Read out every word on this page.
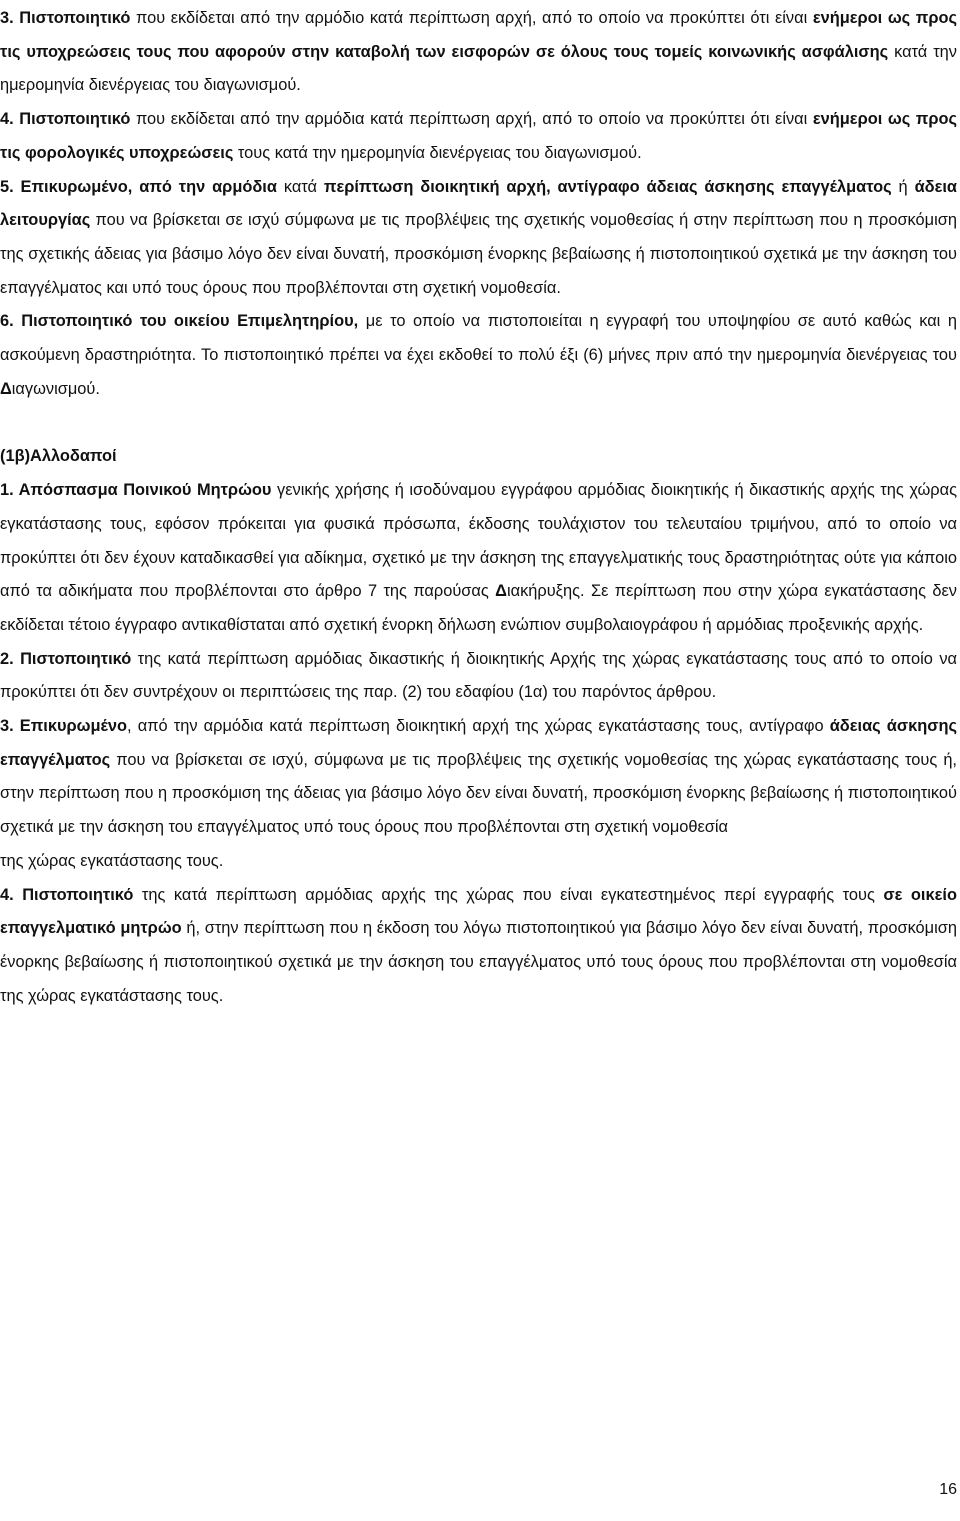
3. Πιστοποιητικό που εκδίδεται από την αρμόδιο κατά περίπτωση αρχή, από το οποίο να προκύπτει ότι είναι ενήμεροι ως προς τις υποχρεώσεις τους που αφορούν στην καταβολή των εισφορών σε όλους τους τομείς κοινωνικής ασφάλισης κατά την ημερομηνία διενέργειας του διαγωνισμού.

4. Πιστοποιητικό που εκδίδεται από την αρμόδια κατά περίπτωση αρχή, από το οποίο να προκύπτει ότι είναι ενήμεροι ως προς τις φορολογικές υποχρεώσεις τους κατά την ημερομηνία διενέργειας του διαγωνισμού.

5. Επικυρωμένο, από την αρμόδια κατά περίπτωση διοικητική αρχή, αντίγραφο άδειας άσκησης επαγγέλματος ή άδεια λειτουργίας που να βρίσκεται σε ισχύ σύμφωνα με τις προβλέψεις της σχετικής νομοθεσίας ή στην περίπτωση που η προσκόμιση της σχετικής άδειας για βάσιμο λόγο δεν είναι δυνατή, προσκόμιση ένορκης βεβαίωσης ή πιστοποιητικού σχετικά με την άσκηση του επαγγέλματος και υπό τους όρους που προβλέπονται στη σχετική νομοθεσία.

6. Πιστοποιητικό του οικείου Επιμελητηρίου, με το οποίο να πιστοποιείται η εγγραφή του υποψηφίου σε αυτό καθώς και η ασκούμενη δραστηριότητα. Το πιστοποιητικό πρέπει να έχει εκδοθεί το πολύ έξι (6) μήνες πριν από την ημερομηνία διενέργειας του Διαγωνισμού.

(1β)Αλλοδαποί

1. Απόσπασμα Ποινικού Μητρώου γενικής χρήσης ή ισοδύναμου εγγράφου αρμόδιας διοικητικής ή δικαστικής αρχής της χώρας εγκατάστασης τους, εφόσον πρόκειται για φυσικά πρόσωπα, έκδοσης τουλάχιστον του τελευταίου τριμήνου, από το οποίο να προκύπτει ότι δεν έχουν καταδικασθεί για αδίκημα, σχετικό με την άσκηση της επαγγελματικής τους δραστηριότητας ούτε για κάποιο από τα αδικήματα που προβλέπονται στο άρθρο 7 της παρούσας Διακήρυξης. Σε περίπτωση που στην χώρα εγκατάστασης δεν εκδίδεται τέτοιο έγγραφο αντικαθίσταται από σχετική ένορκη δήλωση ενώπιον συμβολαιογράφου ή αρμόδιας προξενικής αρχής.

2. Πιστοποιητικό της κατά περίπτωση αρμόδιας δικαστικής ή διοικητικής Αρχής της χώρας εγκατάστασης τους από το οποίο να προκύπτει ότι δεν συντρέχουν οι περιπτώσεις της παρ. (2) του εδαφίου (1α) του παρόντος άρθρου.

3. Επικυρωμένο, από την αρμόδια κατά περίπτωση διοικητική αρχή της χώρας εγκατάστασης τους, αντίγραφο άδειας άσκησης επαγγέλματος που να βρίσκεται σε ισχύ, σύμφωνα με τις προβλέψεις της σχετικής νομοθεσίας της χώρας εγκατάστασης τους ή, στην περίπτωση που η προσκόμιση της άδειας για βάσιμο λόγο δεν είναι δυνατή, προσκόμιση ένορκης βεβαίωσης ή πιστοποιητικού σχετικά με την άσκηση του επαγγέλματος υπό τους όρους που προβλέπονται στη σχετική νομοθεσία

της χώρας εγκατάστασης τους.

4. Πιστοποιητικό της κατά περίπτωση αρμόδιας αρχής της χώρας που είναι εγκατεστημένος περί εγγραφής τους σε οικείο επαγγελματικό μητρώο ή, στην περίπτωση που η έκδοση του λόγω πιστοποιητικού για βάσιμο λόγο δεν είναι δυνατή, προσκόμιση ένορκης βεβαίωσης ή πιστοποιητικού σχετικά με την άσκηση του επαγγέλματος υπό τους όρους που προβλέπονται στη νομοθεσία της χώρας εγκατάστασης τους.

16
